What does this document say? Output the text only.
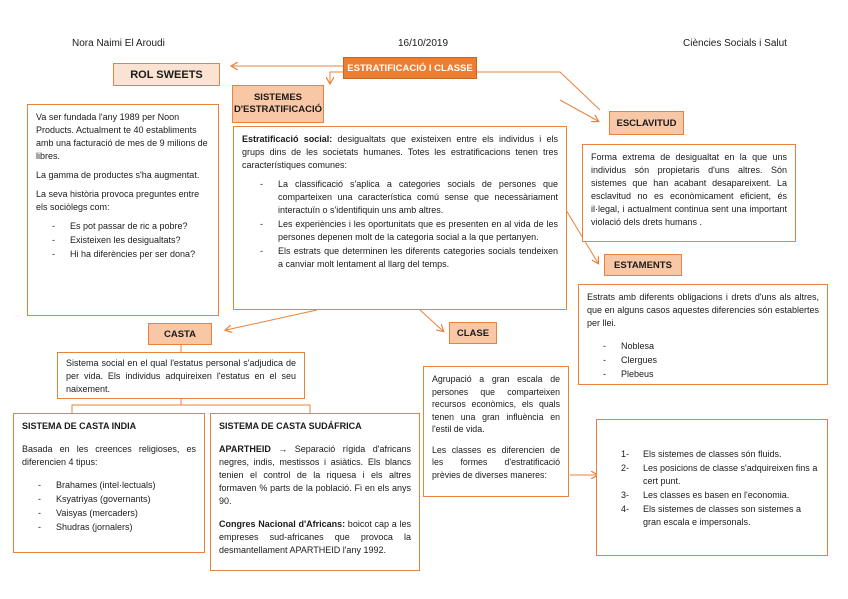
Nora Naimi El Aroudi	16/10/2019	Ciències Socials i Salut
ESTRATIFICACIÓ I CLASSE
ROL SWEETS

Va ser fundada l'any 1989 per Noon Products. Actualment te 40 establiments amb una facturació de mes de 9 milions de libres.

La gamma de productes s'ha augmentat.

La seva història provoca preguntes entre els sociòlegs com:

- Es pot passar de ric a pobre?
- Existeixen les desigualtats?
- Hi ha diferències per ser dona?
SISTEMES D'ESTRATIFICACIÓ

Estratificació social: desigualtats que existeixen entre els individus i els grups dins de les societats humanes. Totes les estratificacions tenen tres característiques comunes:

- La classificació s'aplica a categories socials de persones que comparteixen una característica comú sense que necessàriament interactuïn o s'identifiquin uns amb altres.
- Les experiències i les oportunitats que es presenten en al vida de les persones depenen molt de la categoria social a la que pertanyen.
- Els estrats que determinen les diferents categories socials tendeixen a canviar molt lentament al llarg del temps.
ESCLAVITUD

Forma extrema de desigualtat en la que uns individus són propietaris d'uns altres. Són sistemes que han acabant desapareixent. La esclavitud no es econòmicament eficient, és il·legal, i actualment continua sent una important violació dels drets humans .

ESTAMENTS

Estrats amb diferents obligacions i drets d'uns als altres, que en alguns casos aquestes diferencies són establertes per llei.

- Noblesa
- Clergues
- Plebeus
CASTA

Sistema social en el qual l'estatus personal s'adjudica de per vida. Els individus adquireixen l'estatus en el seu naixement.

SISTEMA DE CASTA INDIA

Basada en les creences religioses, es diferencien 4 tipus:

- Brahames (intel·lectuals)
- Ksyatriyas (governants)
- Vaisyas (mercaders)
- Shudras (jornalers)

SISTEMA DE CASTA SUDÁFRICA

APARTHEID → Separació rígida d'africans negres, indis, mestissos i asiàtics. Els blancs tenien el control de la riquesa i els altres formaven % parts de la població. Fi en els anys 90.

Congres Nacional d'Africans: boicot cap a les empreses sud-africanes que provoca la desmantellament APARTHEID l'any 1992.

CLASE

Agrupació a gran escala de persones que comparteixen recursos econòmics, els quals tenen una gran influència en l'estil de vida.

Les classes es diferencien de les formes d'estratificació prèvies de diverses maneres:

1- Els sistemes de classes són fluids.
2- Les posicions de classe s'adquireixen fins a cert punt.
3- Les classes es basen en l'economia.
4- Els sistemes de classes son sistemes a gran escala e impersonals.
